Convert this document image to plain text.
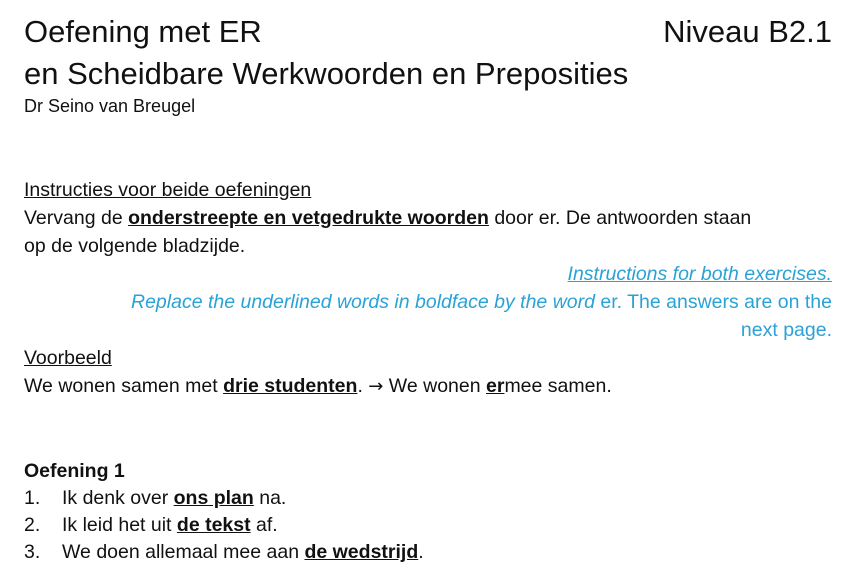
Oefening met ER	Niveau B2.1
en Scheidbare Werkwoorden en Preposities
Dr Seino van Breugel
Instructies voor beide oefeningen
Vervang de onderstreepte en vetgedrukte woorden door er. De antwoorden staan
op de volgende bladzijde.
Instructions for both exercises.
Replace the underlined words in boldface by the word er. The answers are on the
next page.
Voorbeeld
We wonen samen met drie studenten. → We wonen ermee samen.
Oefening 1
1.	Ik denk over ons plan na.
2.	Ik leid het uit de tekst af.
3.	We doen allemaal mee aan de wedstrijd.
